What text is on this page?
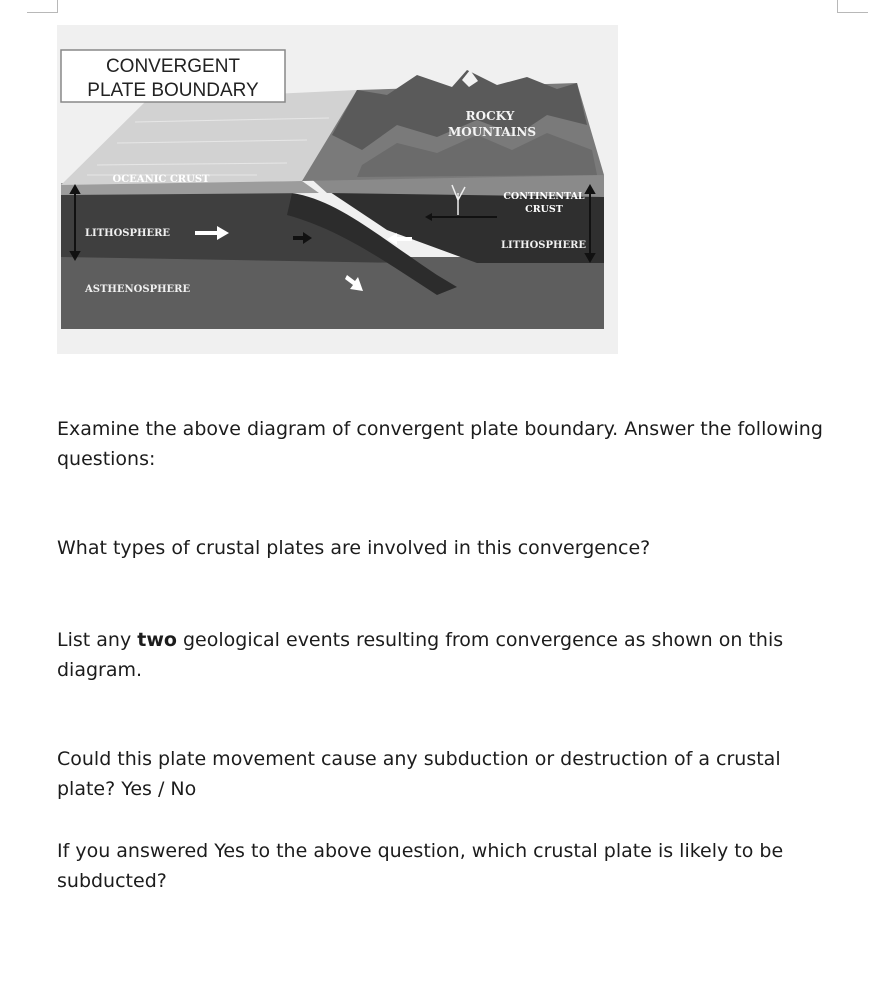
CONVERGENT
PLATE BOUNDARY
ROCKY
MOUNTAINS
OCEANIC CRUST
LITHOSPHERE
ASTHENOSPHERE
CONTINENTAL
CRUST
LITHOSPHERE

Examine the above diagram of convergent plate boundary. Answer the following questions:

What types of crustal plates are involved in this convergence?

List any two geological events resulting from convergence as shown on this diagram.

Could this plate movement cause any subduction or destruction of a crustal plate? Yes / No

If you answered Yes to the above question, which crustal plate is likely to be subducted?
